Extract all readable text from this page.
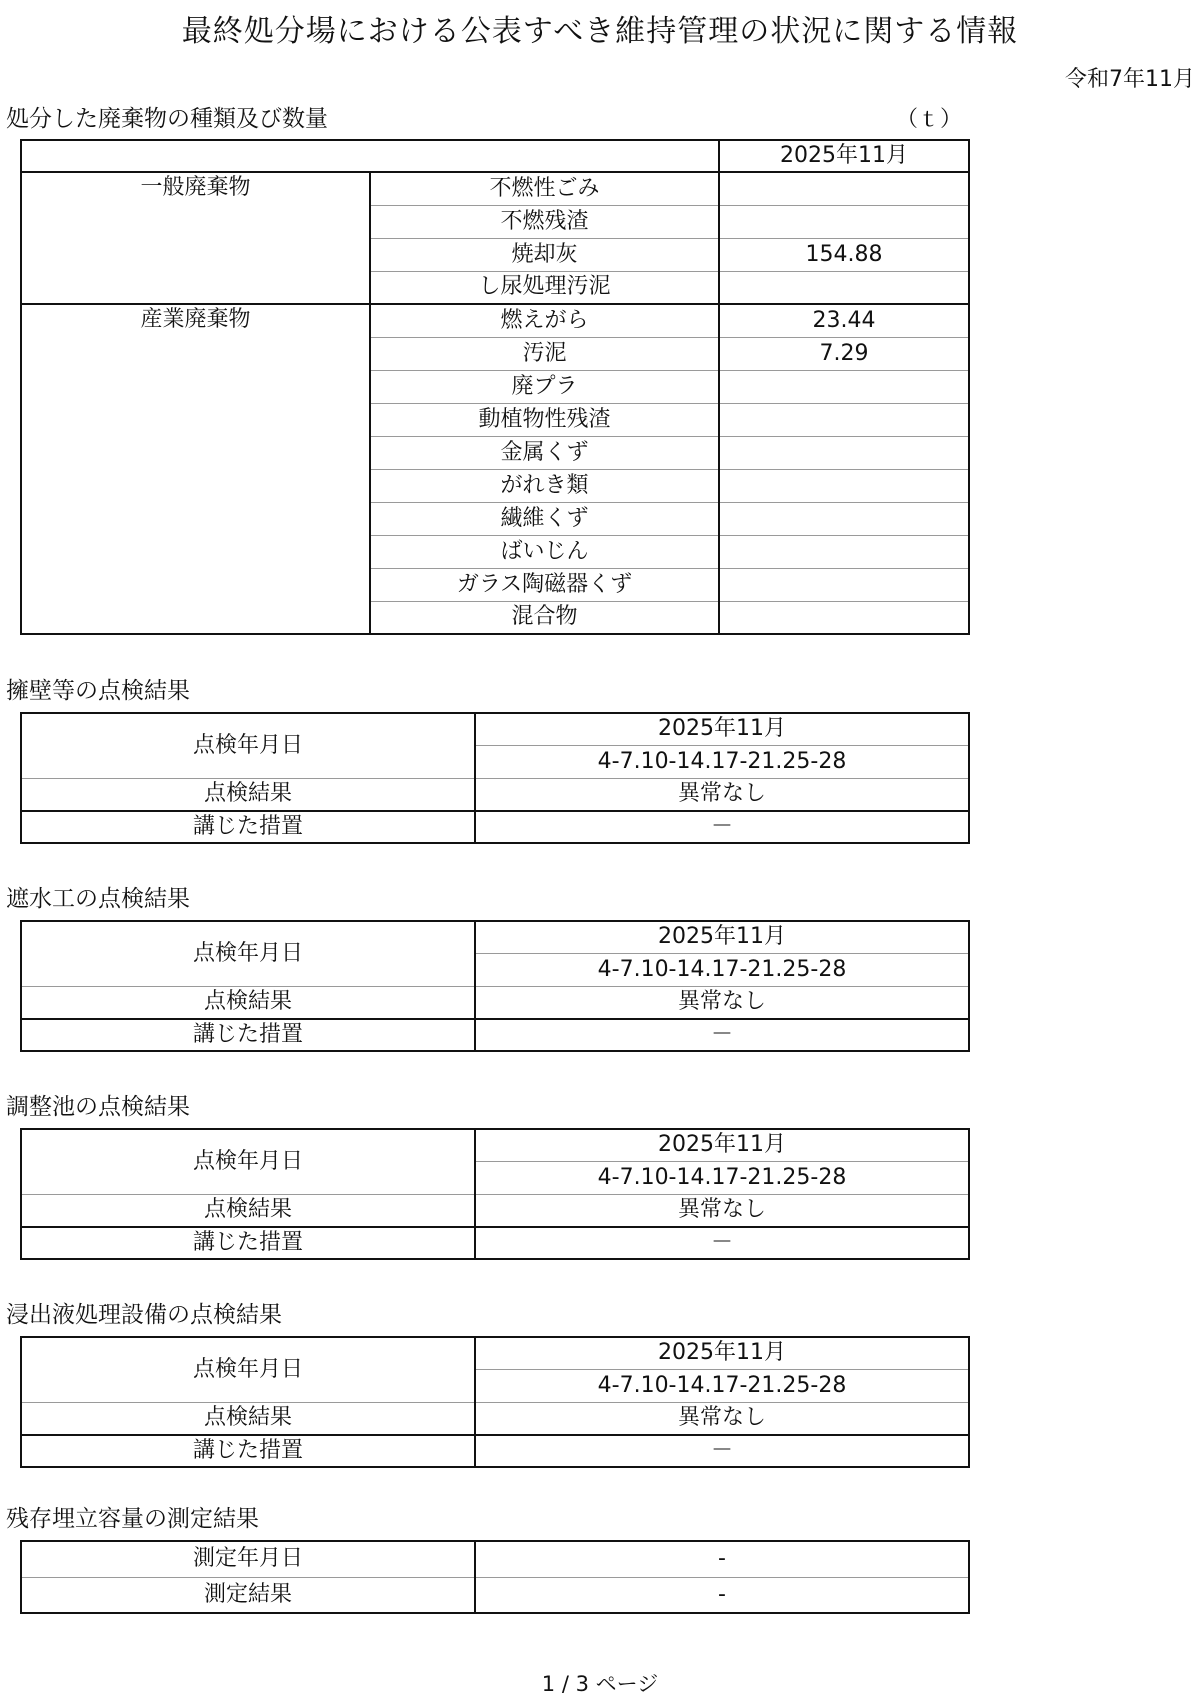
最終処分場における公表すべき維持管理の状況に関する情報
令和7年11月
処分した廃棄物の種類及び数量	（ｔ）
		2025年11月
一般廃棄物	不燃性ごみ	
	不燃残渣	
	焼却灰	154.88
	し尿処理汚泥	
産業廃棄物	燃えがら	23.44
	汚泥	7.29
	廃プラ	
	動植物性残渣	
	金属くず	
	がれき類	
	繊維くず	
	ばいじん	
	ガラス陶磁器くず	
	混合物	
擁壁等の点検結果
点検年月日	2025年11月
	4-7.10-14.17-21.25-28
点検結果	異常なし
講じた措置	－
遮水工の点検結果
点検年月日	2025年11月
	4-7.10-14.17-21.25-28
点検結果	異常なし
講じた措置	－
調整池の点検結果
点検年月日	2025年11月
	4-7.10-14.17-21.25-28
点検結果	異常なし
講じた措置	－
浸出液処理設備の点検結果
点検年月日	2025年11月
	4-7.10-14.17-21.25-28
点検結果	異常なし
講じた措置	－
残存埋立容量の測定結果
測定年月日	-
測定結果	-
1 / 3 ページ
